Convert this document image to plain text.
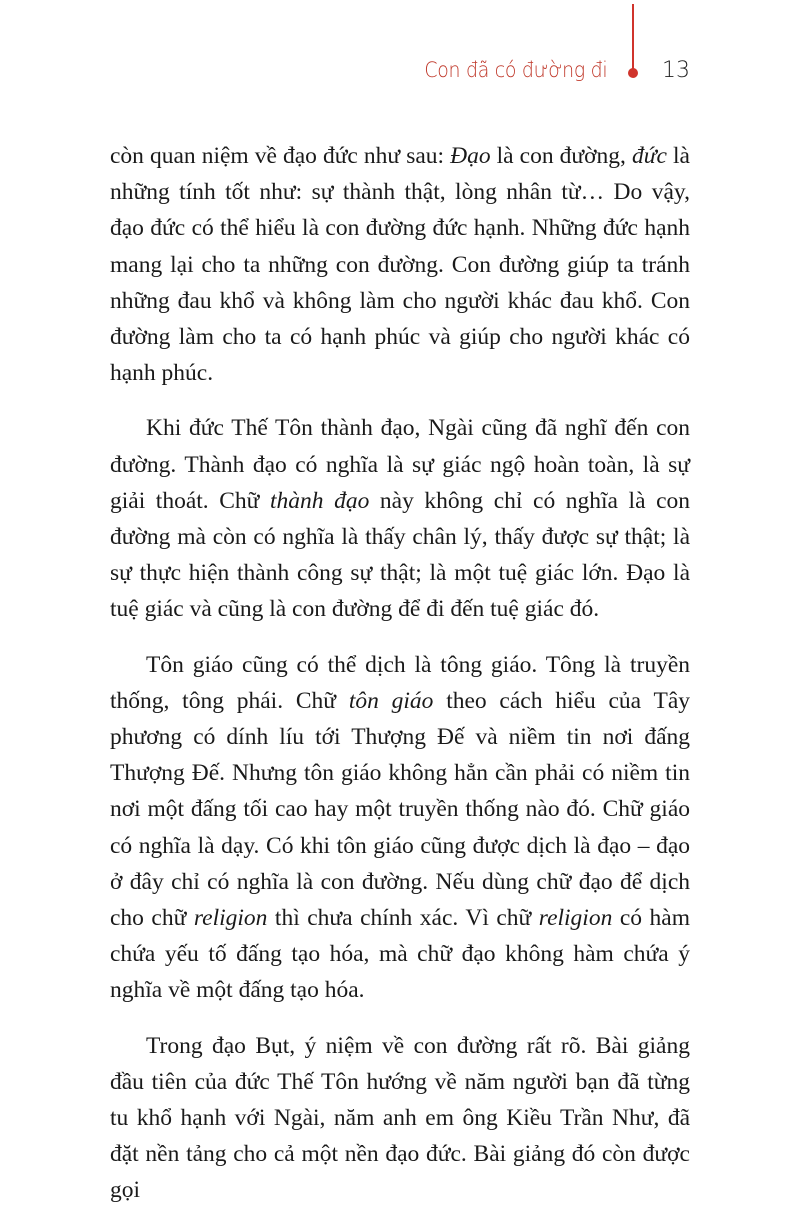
Con đã có đường đi	13

còn quan niệm về đạo đức như sau: Đạo là con đường, đức là những tính tốt như: sự thành thật, lòng nhân từ… Do vậy, đạo đức có thể hiểu là con đường đức hạnh. Những đức hạnh mang lại cho ta những con đường. Con đường giúp ta tránh những đau khổ và không làm cho người khác đau khổ. Con đường làm cho ta có hạnh phúc và giúp cho người khác có hạnh phúc.

Khi đức Thế Tôn thành đạo, Ngài cũng đã nghĩ đến con đường. Thành đạo có nghĩa là sự giác ngộ hoàn toàn, là sự giải thoát. Chữ thành đạo này không chỉ có nghĩa là con đường mà còn có nghĩa là thấy chân lý, thấy được sự thật; là sự thực hiện thành công sự thật; là một tuệ giác lớn. Đạo là tuệ giác và cũng là con đường để đi đến tuệ giác đó.

Tôn giáo cũng có thể dịch là tông giáo. Tông là truyền thống, tông phái. Chữ tôn giáo theo cách hiểu của Tây phương có dính líu tới Thượng Đế và niềm tin nơi đấng Thượng Đế. Nhưng tôn giáo không hẳn cần phải có niềm tin nơi một đấng tối cao hay một truyền thống nào đó. Chữ giáo có nghĩa là dạy. Có khi tôn giáo cũng được dịch là đạo – đạo ở đây chỉ có nghĩa là con đường. Nếu dùng chữ đạo để dịch cho chữ religion thì chưa chính xác. Vì chữ religion có hàm chứa yếu tố đấng tạo hóa, mà chữ đạo không hàm chứa ý nghĩa về một đấng tạo hóa.

Trong đạo Bụt, ý niệm về con đường rất rõ. Bài giảng đầu tiên của đức Thế Tôn hướng về năm người bạn đã từng tu khổ hạnh với Ngài, năm anh em ông Kiều Trần Như, đã đặt nền tảng cho cả một nền đạo đức. Bài giảng đó còn được gọi
